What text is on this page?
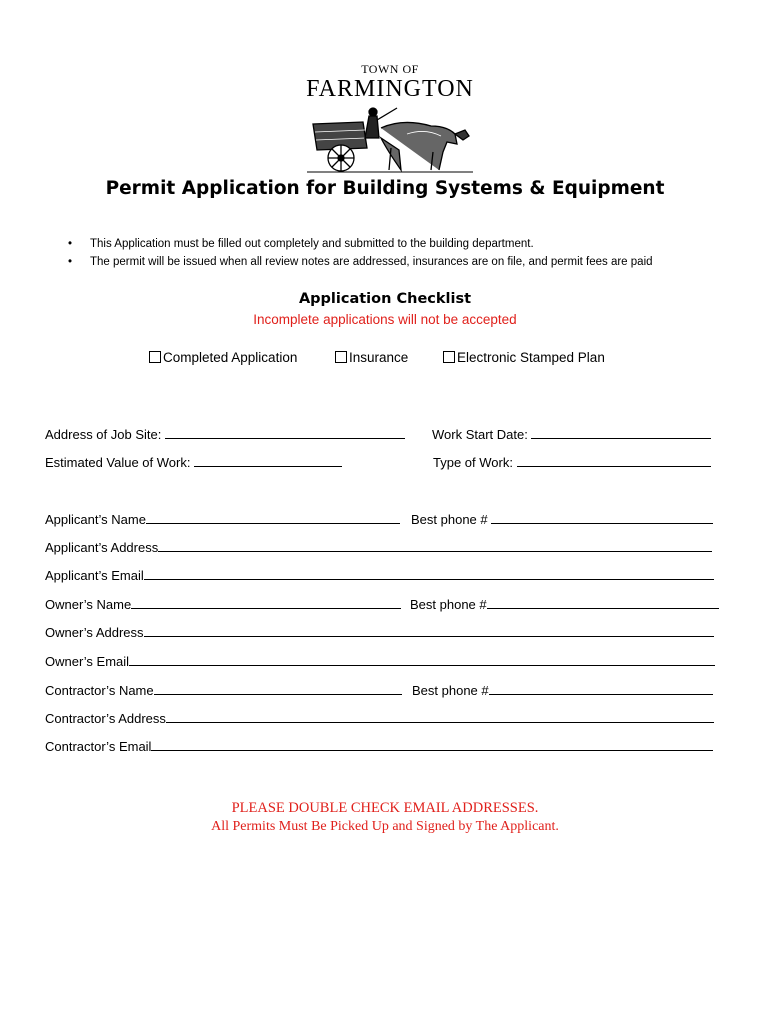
TOWN OF
FARMINGTON
Permit Application for Building Systems & Equipment
• This Application must be filled out completely and submitted to the building department.
• The permit will be issued when all review notes are addressed, insurances are on file, and permit fees are paid
Application Checklist
Incomplete applications will not be accepted
Completed Application	Insurance	Electronic Stamped Plan
Address of Job Site:	Work Start Date:
Estimated Value of Work:	Type of Work:
Applicant’s Name	Best phone #
Applicant’s Address
Applicant’s Email
Owner’s Name	Best phone #
Owner’s Address
Owner’s Email
Contractor’s Name	Best phone #
Contractor’s Address
Contractor’s Email
PLEASE DOUBLE CHECK EMAIL ADDRESSES.
All Permits Must Be Picked Up and Signed by The Applicant.
